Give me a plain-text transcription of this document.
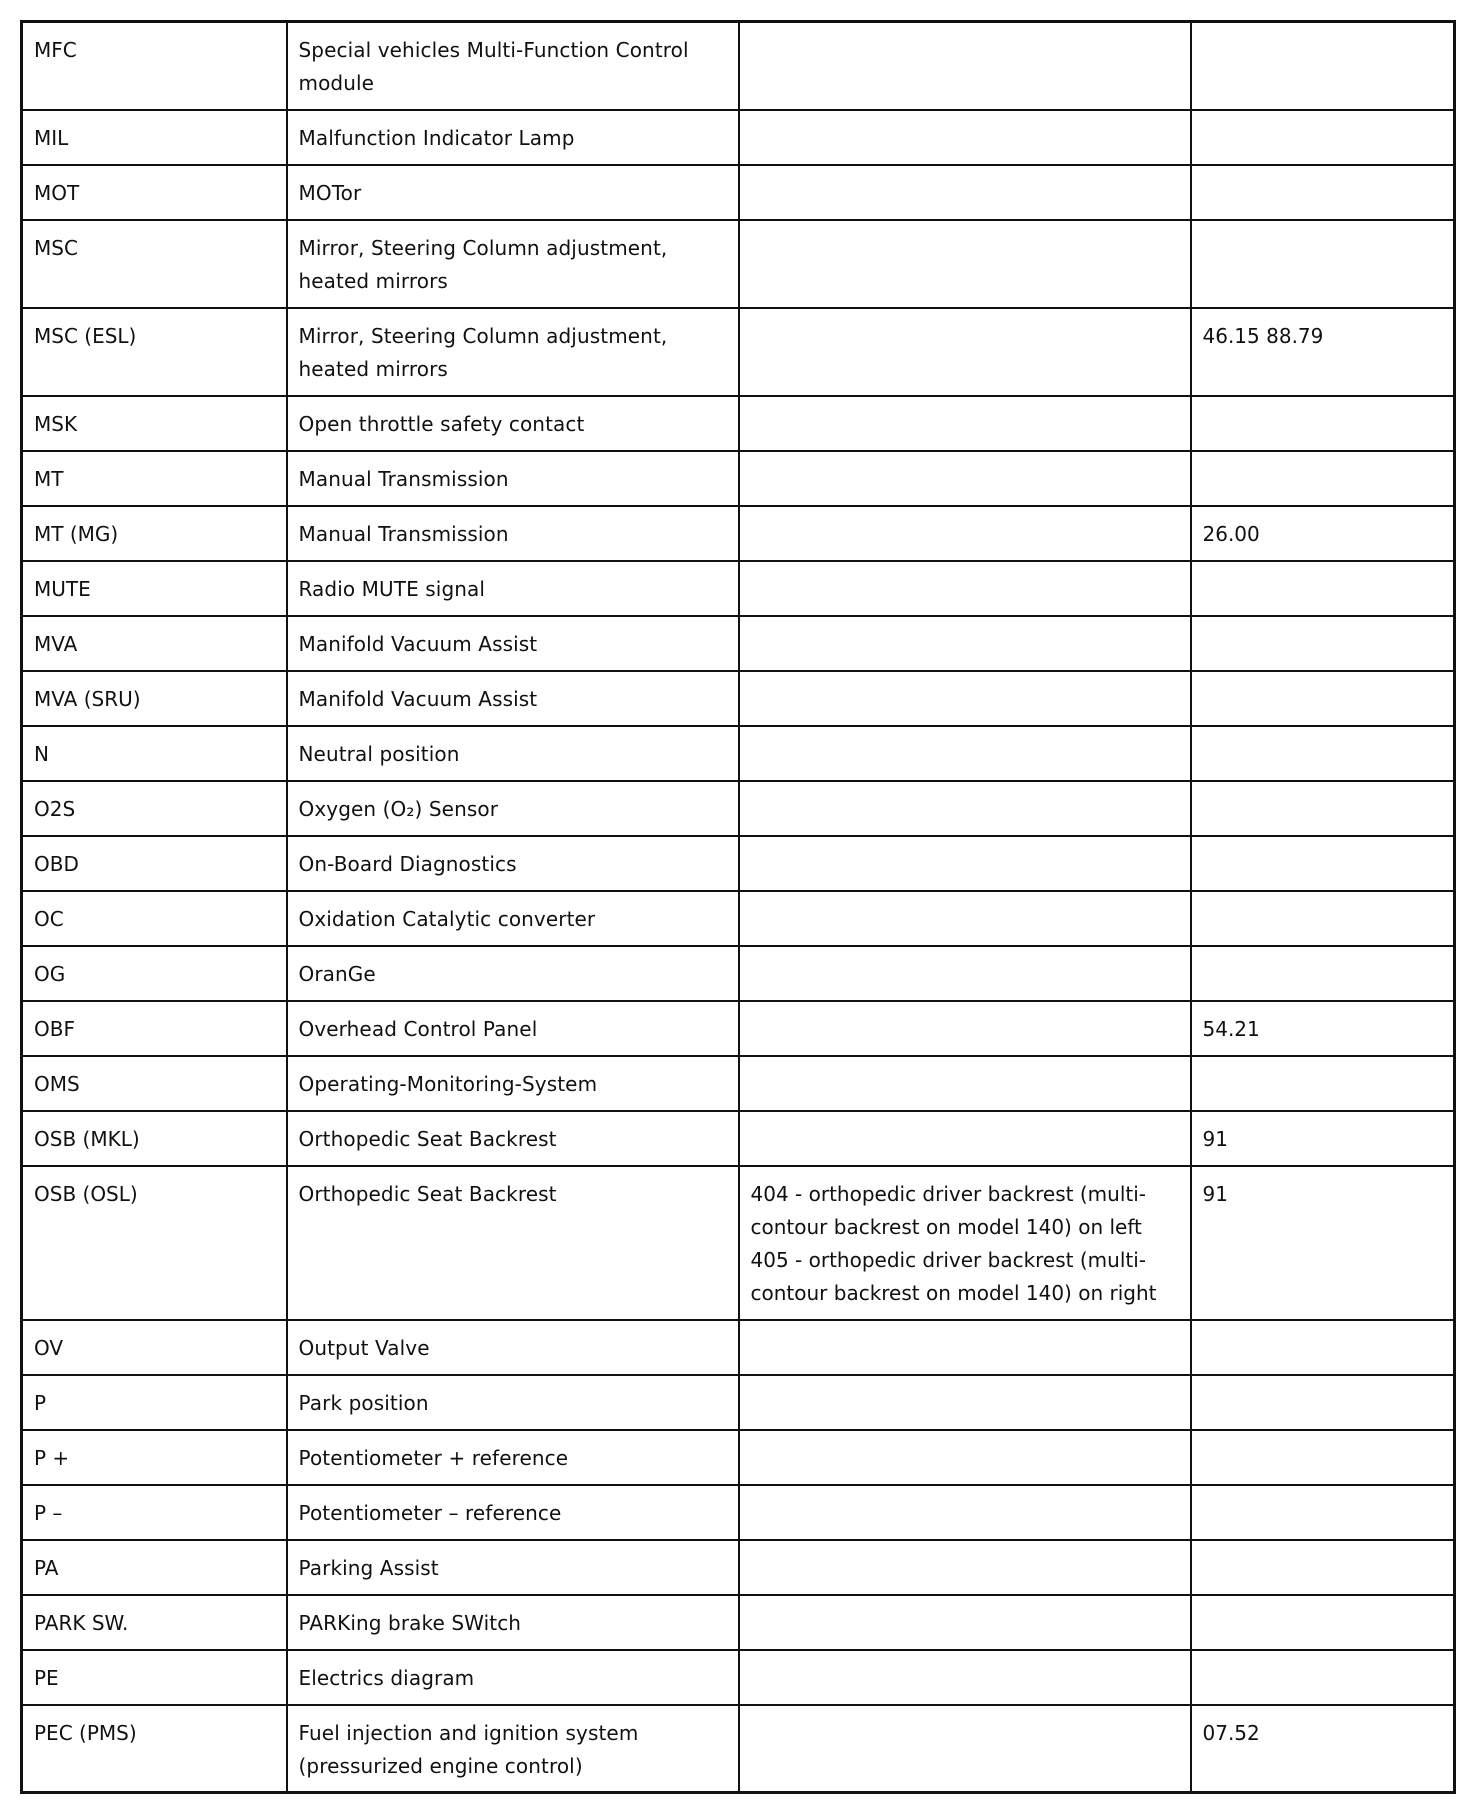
MFC	Special vehicles Multi-Function Control module		
MIL	Malfunction Indicator Lamp		
MOT	MOTor		
MSC	Mirror, Steering Column adjustment, heated mirrors		
MSC (ESL)	Mirror, Steering Column adjustment, heated mirrors		46.15 88.79
MSK	Open throttle safety contact		
MT	Manual Transmission		
MT (MG)	Manual Transmission		26.00
MUTE	Radio MUTE signal		
MVA	Manifold Vacuum Assist		
MVA (SRU)	Manifold Vacuum Assist		
N	Neutral position		
O2S	Oxygen (O₂) Sensor		
OBD	On-Board Diagnostics		
OC	Oxidation Catalytic converter		
OG	OranGe		
OBF	Overhead Control Panel		54.21
OMS	Operating-Monitoring-System		
OSB (MKL)	Orthopedic Seat Backrest		91
OSB (OSL)	Orthopedic Seat Backrest	404 - orthopedic driver backrest (multi- contour backrest on model 140) on left 405 - orthopedic driver backrest (multi- contour backrest on model 140) on right	91
OV	Output Valve		
P	Park position		
P +	Potentiometer + reference		
P –	Potentiometer – reference		
PA	Parking Assist		
PARK SW.	PARKing brake SWitch		
PE	Electrics diagram		
PEC (PMS)	Fuel injection and ignition system (pressurized engine control)		07.52
